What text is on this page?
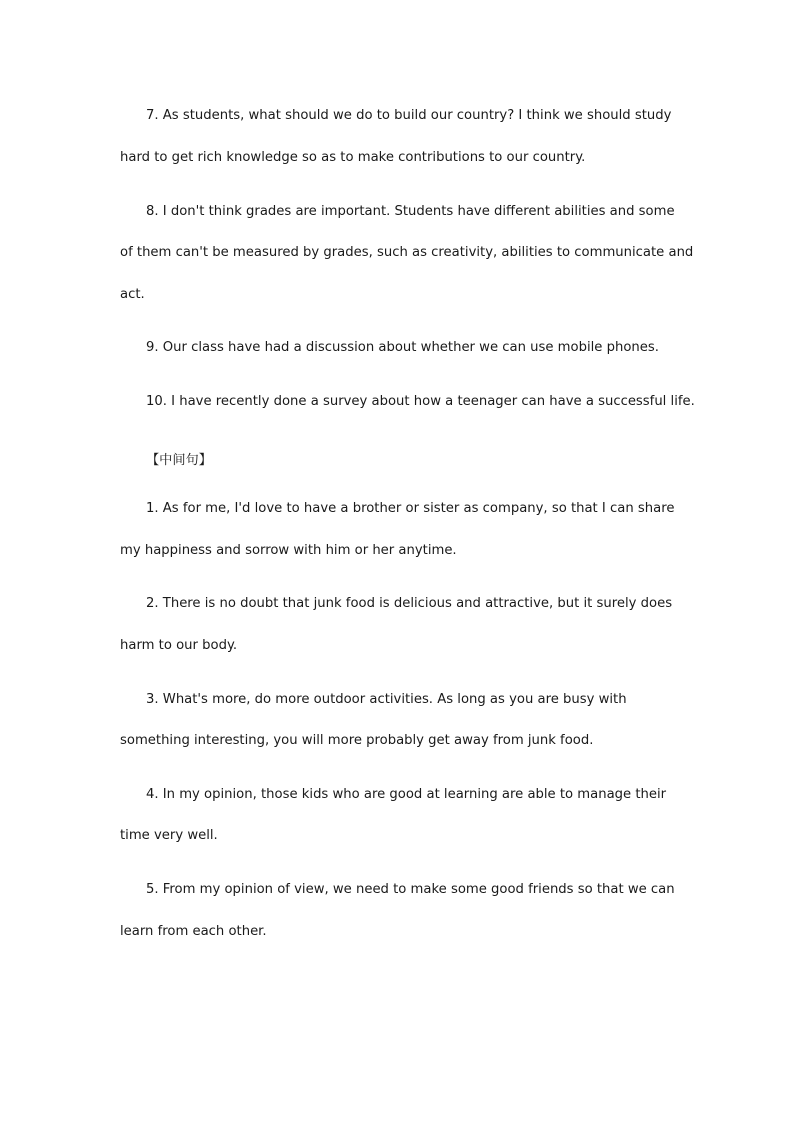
7. As students, what should we do to build our country? I think we should study
hard to get rich knowledge so as to make contributions to our country.
8. I don't think grades are important. Students have different abilities and some
of them can't be measured by grades, such as creativity, abilities to communicate and
act.
9. Our class have had a discussion about whether we can use mobile phones.
10. I have recently done a survey about how a teenager can have a successful life.
【中间句】
1. As for me, I'd love to have a brother or sister as company, so that I can share
my happiness and sorrow with him or her anytime.
2. There is no doubt that junk food is delicious and attractive, but it surely does
harm to our body.
3. What's more, do more outdoor activities. As long as you are busy with
something interesting, you will more probably get away from junk food.
4. In my opinion, those kids who are good at learning are able to manage their
time very well.
5. From my opinion of view, we need to make some good friends so that we can
learn from each other.
